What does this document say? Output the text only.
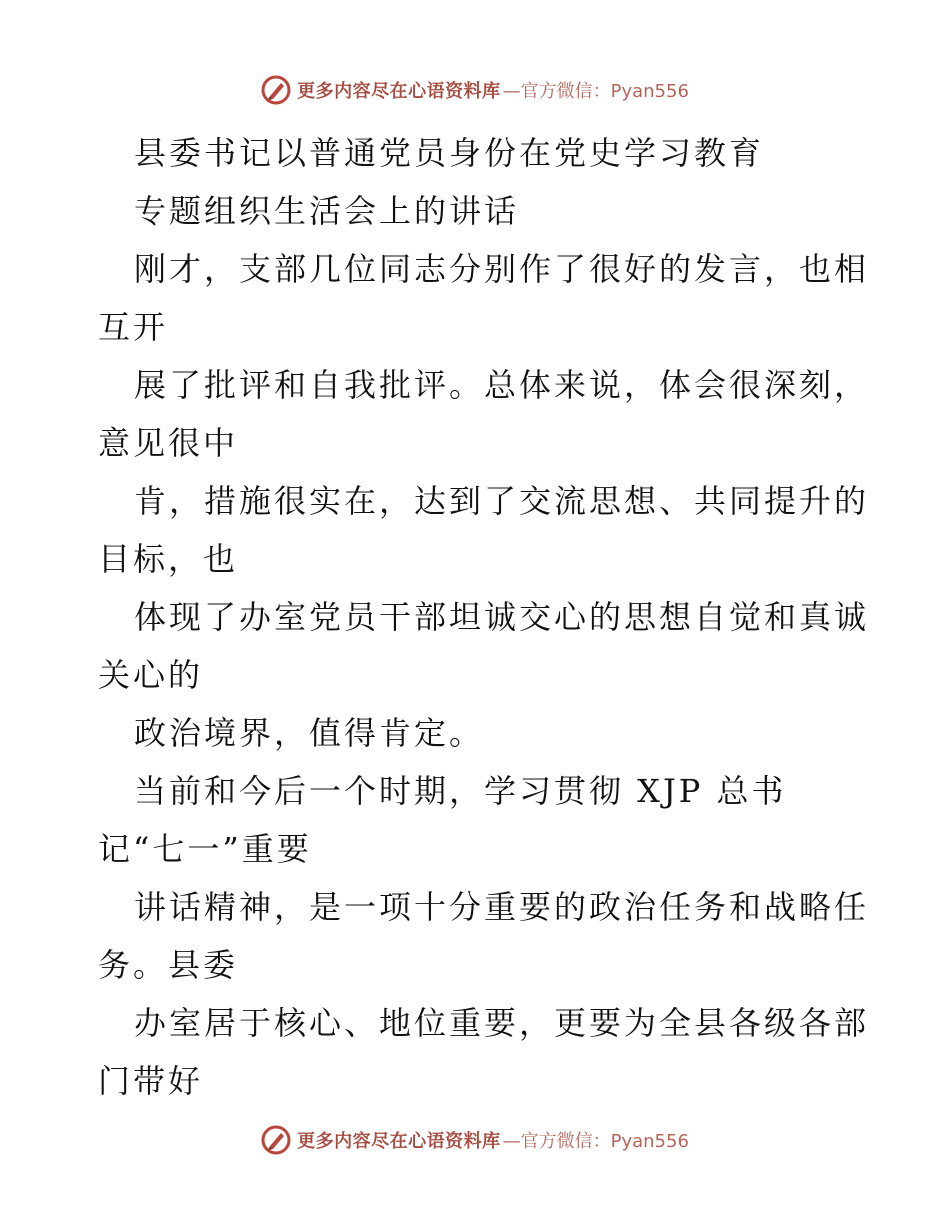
更多内容尽在心语资料库 —官方微信：Pyan556
县委书记以普通党员身份在党史学习教育
专题组织生活会上的讲话
刚才，支部几位同志分别作了很好的发言，也相
互开
展了批评和自我批评。总体来说，体会很深刻，
意见很中
肯，措施很实在，达到了交流思想、共同提升的
目标，也
体现了办室党员干部坦诚交心的思想自觉和真诚
关心的
政治境界，值得肯定。
当前和今后一个时期，学习贯彻 XJP 总书
记“七一”重要
讲话精神，是一项十分重要的政治任务和战略任
务。县委
办室居于核心、地位重要，更要为全县各级各部
门带好
更多内容尽在心语资料库 —官方微信：Pyan556
